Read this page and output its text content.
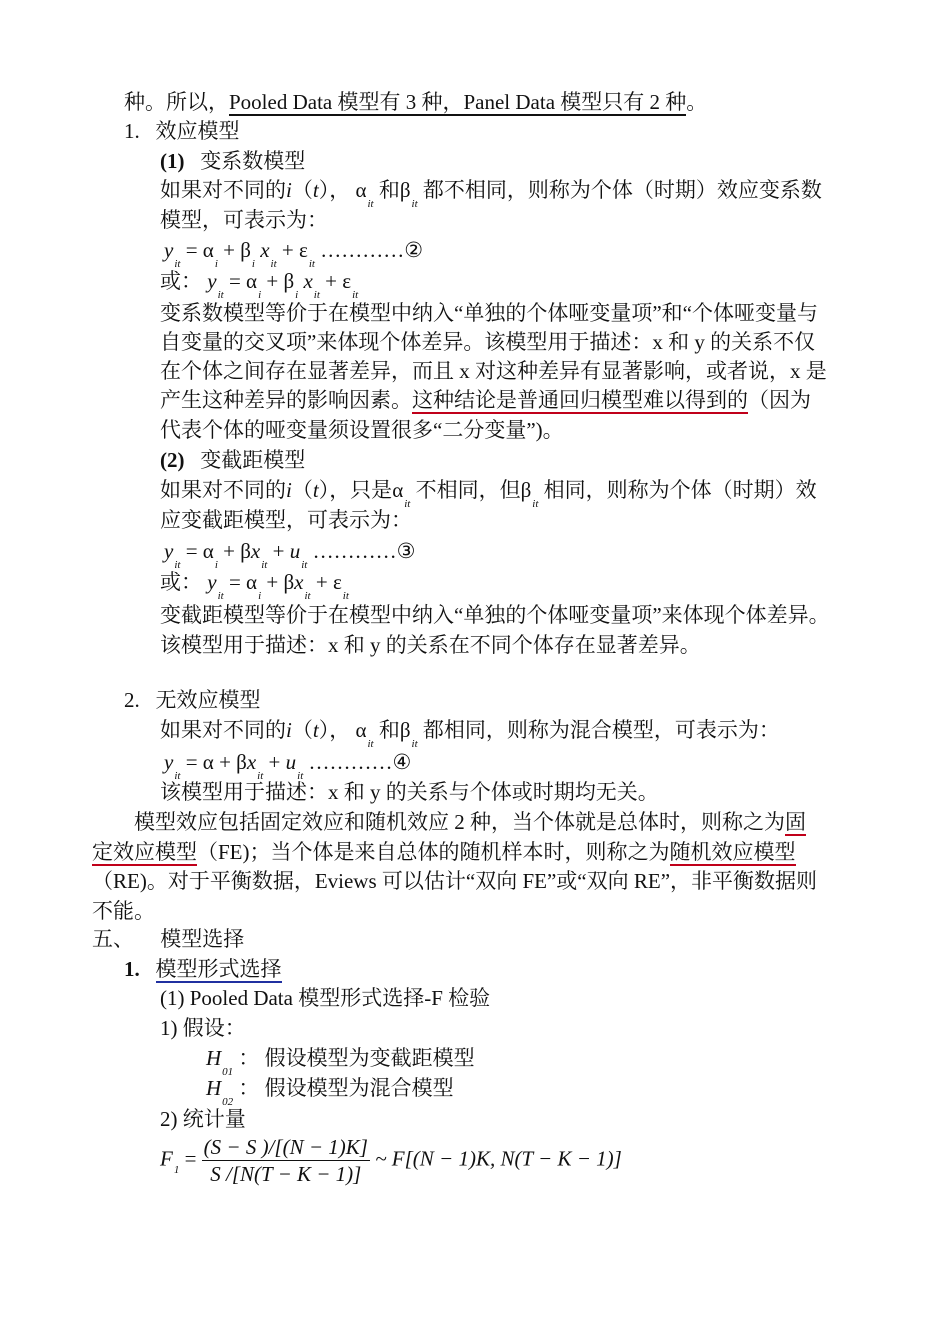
种。所以，Pooled Data 模型有 3 种，Panel Data 模型只有 2 种。
1. 效应模型
(1) 变系数模型
如果对不同的i（t）， $\alpha_{it}$ 和$\beta_{it}$ 都不相同，则称为个体（时期）效应变系数
模型，可表示为：
$y_{it} = \alpha_i + \beta_i$ $x_{it} + \varepsilon_{it}$ …………②
或： $y_{it} = \alpha_i + \beta_i$ $x_{it} + \varepsilon_{it}$
变系数模型等价于在模型中纳入“单独的个体哑变量项”和“个体哑变量与
自变量的交叉项”来体现个体差异。该模型用于描述：x 和 y 的关系不仅
在个体之间存在显著差异，而且 x 对这种差异有显著影响，或者说，x 是
产生这种差异的影响因素。这种结论是普通回归模型难以得到的（因为
代表个体的哑变量须设置很多“二分变量”)。
(2) 变截距模型
如果对不同的i（t），只是$\alpha_{it}$ 不相同，但$\beta_{it}$ 相同，则称为个体（时期）效
应变截距模型，可表示为：
$y_{it} = \alpha_i + \beta x_{it} + u_{it}$ …………③
或： $y_{it} = \alpha_i + \beta x_{it} + \varepsilon_{it}$
变截距模型等价于在模型中纳入“单独的个体哑变量项”来体现个体差异。
该模型用于描述：x 和 y 的关系在不同个体存在显著差异。
2. 无效应模型
如果对不同的i（t）， $\alpha_{it}$ 和$\beta_{it}$ 都相同，则称为混合模型，可表示为：
$y_{it} = \alpha + \beta x_{it} + u_{it}$ …………④
该模型用于描述：x 和 y 的关系与个体或时期均无关。
模型效应包括固定效应和随机效应 2 种，当个体就是总体时，则称之为固
定效应模型（FE)；当个体是来自总体的随机样本时，则称之为随机效应模型
（RE)。对于平衡数据，Eviews 可以估计“双向 FE”或“双向 RE”，非平衡数据则
不能。
五、 模型选择
1. 模型形式选择
(1) Pooled Data 模型形式选择-F 检验
1) 假设：
$H_{01}$ ： 假设模型为变截距模型
$H_{02}$ ： 假设模型为混合模型
2) 统计量
$F_1 = \frac{(S - S )/[(N - 1)K]}{S /[N(T - K - 1)]}$ ~ F[(N − 1)K, N(T − K − 1)]
